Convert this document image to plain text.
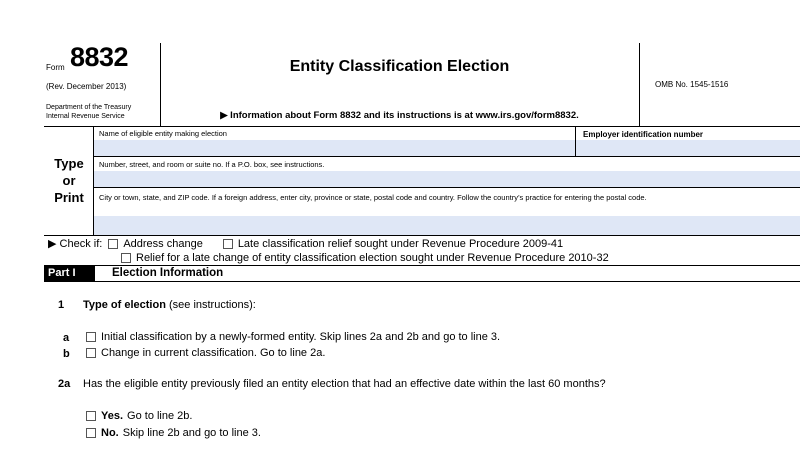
Form 8832
(Rev. December 2013)
Department of the Treasury
Internal Revenue Service
Entity Classification Election
▶ Information about Form 8832 and its instructions is at www.irs.gov/form8832.
OMB No. 1545-1516
Type
or
Print
Name of eligible entity making election	Employer identification number
Number, street, and room or suite no. If a P.O. box, see instructions.
City or town, state, and ZIP code. If a foreign address, enter city, province or state, postal code and country. Follow the country’s practice for entering the postal code.
▶ Check if: Address change	Late classification relief sought under Revenue Procedure 2009-41
Relief for a late change of entity classification election sought under Revenue Procedure 2010-32
Part I	Election Information
1 Type of election (see instructions):
a	Initial classification by a newly-formed entity. Skip lines 2a and 2b and go to line 3.
b	Change in current classification. Go to line 2a.
2a Has the eligible entity previously filed an entity election that had an effective date within the last 60 months?
Yes. Go to line 2b.
No. Skip line 2b and go to line 3.
